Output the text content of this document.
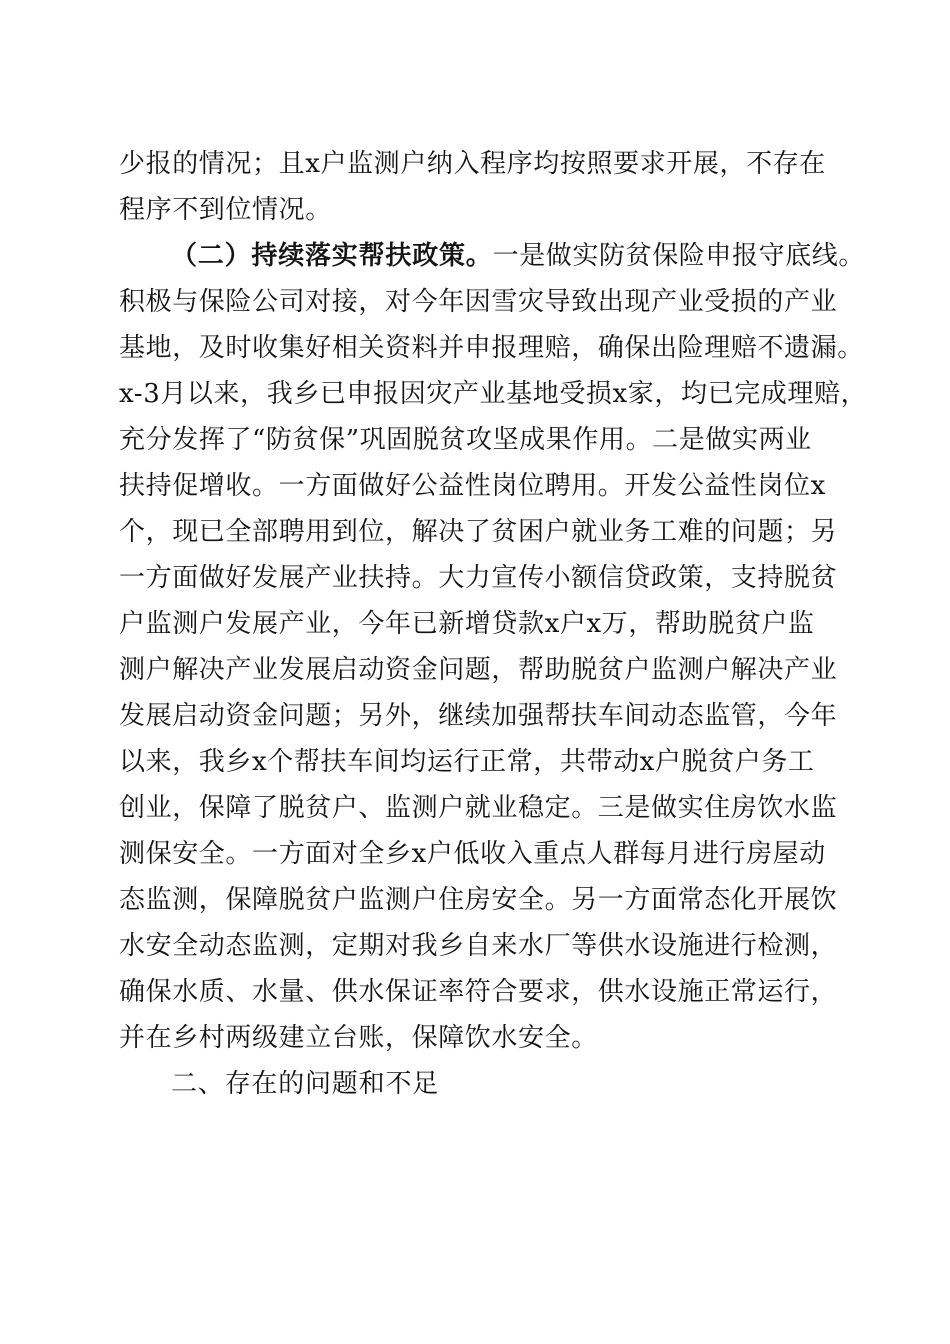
少报的情况；且x户监测户纳入程序均按照要求开展，不存在
程序不到位情况。
（二）持续落实帮扶政策。一是做实防贫保险申报守底线。
积极与保险公司对接，对今年因雪灾导致出现产业受损的产业
基地，及时收集好相关资料并申报理赔，确保出险理赔不遗漏。
x-3月以来，我乡已申报因灾产业基地受损x家，均已完成理赔，
充分发挥了“防贫保”巩固脱贫攻坚成果作用。二是做实两业
扶持促增收。一方面做好公益性岗位聘用。开发公益性岗位x
个，现已全部聘用到位，解决了贫困户就业务工难的问题；另
一方面做好发展产业扶持。大力宣传小额信贷政策，支持脱贫
户监测户发展产业，今年已新增贷款x户x万，帮助脱贫户监
测户解决产业发展启动资金问题，帮助脱贫户监测户解决产业
发展启动资金问题；另外，继续加强帮扶车间动态监管，今年
以来，我乡x个帮扶车间均运行正常，共带动x户脱贫户务工
创业，保障了脱贫户、监测户就业稳定。三是做实住房饮水监
测保安全。一方面对全乡x户低收入重点人群每月进行房屋动
态监测，保障脱贫户监测户住房安全。另一方面常态化开展饮
水安全动态监测，定期对我乡自来水厂等供水设施进行检测，
确保水质、水量、供水保证率符合要求，供水设施正常运行，
并在乡村两级建立台账，保障饮水安全。
二、存在的问题和不足
